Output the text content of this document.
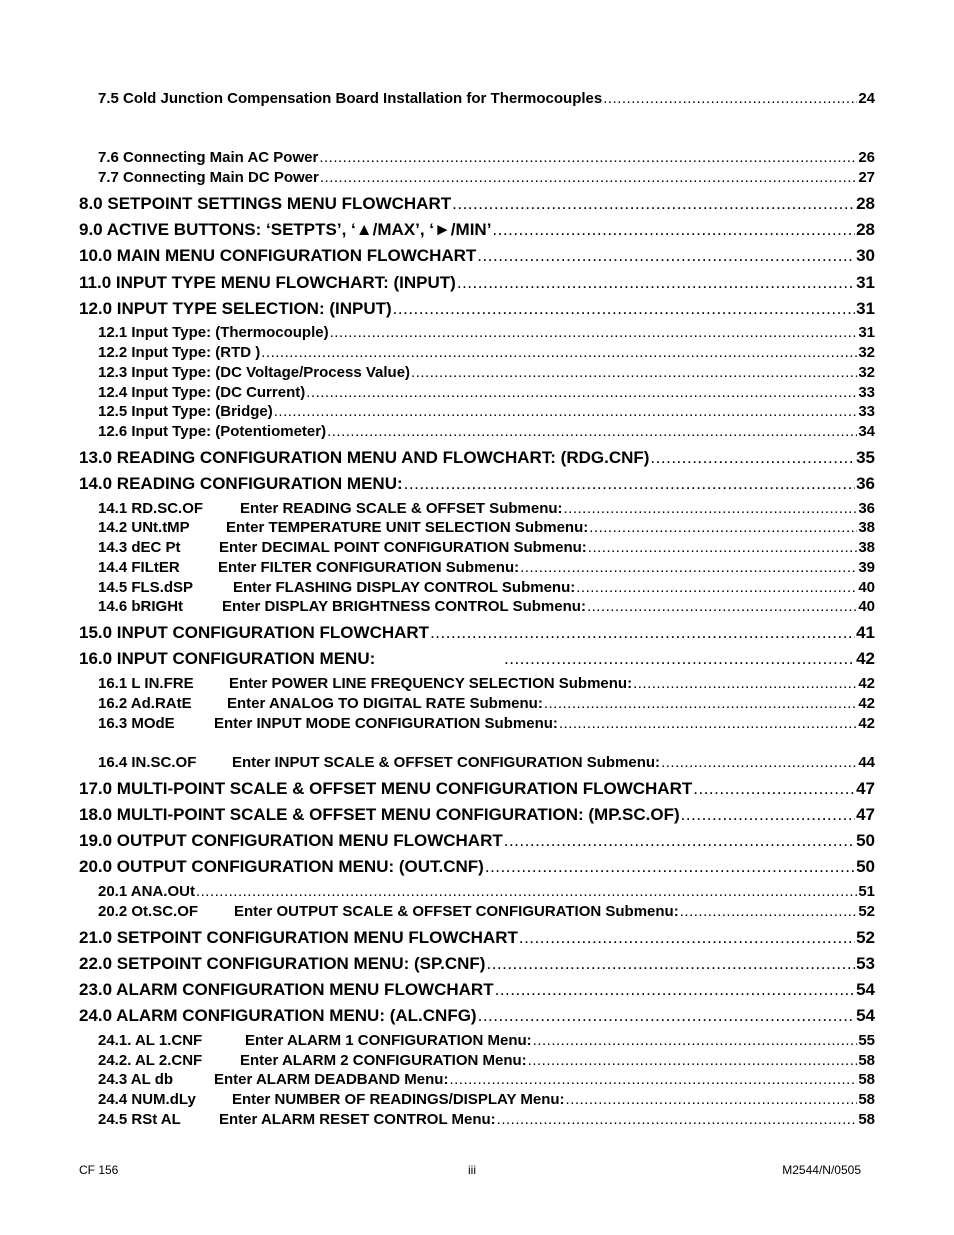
7.5 Cold Junction Compensation Board Installation for Thermocouples .....	24
7.6 Connecting Main AC Power .....	26
7.7 Connecting Main DC Power .....	27
8.0 SETPOINT SETTINGS MENU FLOWCHART .....	28
9.0 ACTIVE BUTTONS: ‘SETPTS’, ‘▲/MAX’, ‘►/MIN’ .....	28
10.0 MAIN MENU CONFIGURATION FLOWCHART .....	30
11.0 INPUT TYPE MENU FLOWCHART: (INPUT) .....	31
12.0 INPUT TYPE SELECTION: (INPUT) .....	31
12.1 Input Type: (Thermocouple) .....	31
12.2 Input Type: (RTD ) .....	32
12.3 Input Type: (DC Voltage/Process Value) .....	32
12.4 Input Type: (DC Current) .....	33
12.5 Input Type: (Bridge) .....	33
12.6 Input Type: (Potentiometer) .....	34
13.0 READING CONFIGURATION MENU AND FLOWCHART: (RDG.CNF) .....	35
14.0 READING CONFIGURATION MENU: .....	36
14.1 RD.SC.OF Enter READING SCALE & OFFSET Submenu: .....	36
14.2 UNt.tMP Enter TEMPERATURE UNIT SELECTION Submenu: .....	38
14.3 dEC Pt	Enter DECIMAL POINT CONFIGURATION Submenu: .....	38
14.4 FILtER	Enter FILTER CONFIGURATION Submenu: .....	39
14.5 FLS.dSP	Enter FLASHING DISPLAY CONTROL Submenu: .....	40
14.6 bRIGHt	Enter DISPLAY BRIGHTNESS CONTROL Submenu: .....	40
15.0 INPUT CONFIGURATION FLOWCHART .....	41
16.0 INPUT CONFIGURATION MENU: .....	42
16.1 L IN.FRE Enter POWER LINE FREQUENCY SELECTION Submenu: .....	42
16.2 Ad.RAtE Enter ANALOG TO DIGITAL RATE Submenu: .....	42
16.3 MOdE	Enter INPUT MODE CONFIGURATION Submenu: .....	42
16.4 IN.SC.OF Enter INPUT SCALE & OFFSET CONFIGURATION Submenu: .....	44
17.0 MULTI-POINT SCALE & OFFSET MENU CONFIGURATION FLOWCHART .....	47
18.0 MULTI-POINT SCALE & OFFSET MENU CONFIGURATION: (MP.SC.OF) .....	47
19.0 OUTPUT CONFIGURATION MENU FLOWCHART .....	50
20.0 OUTPUT CONFIGURATION MENU: (OUT.CNF) .....	50
20.1 ANA.OUt .....	51
20.2 Ot.SC.OF Enter OUTPUT SCALE & OFFSET CONFIGURATION Submenu: .....	52
21.0 SETPOINT CONFIGURATION MENU FLOWCHART .....	52
22.0 SETPOINT CONFIGURATION MENU: (SP.CNF) .....	53
23.0 ALARM CONFIGURATION MENU FLOWCHART .....	54
24.0 ALARM CONFIGURATION MENU: (AL.CNFG) .....	54
24.1. AL 1.CNF	Enter ALARM 1 CONFIGURATION Menu: .....	55
24.2. AL 2.CNF	Enter ALARM 2 CONFIGURATION Menu: .....	58
24.3 AL db	Enter ALARM DEADBAND Menu: .....	58
24.4 NUM.dLy Enter NUMBER OF READINGS/DISPLAY Menu: .....	58
24.5 RSt AL	Enter ALARM RESET CONTROL Menu: .....	58
CF 156	iii	M2544/N/0505
